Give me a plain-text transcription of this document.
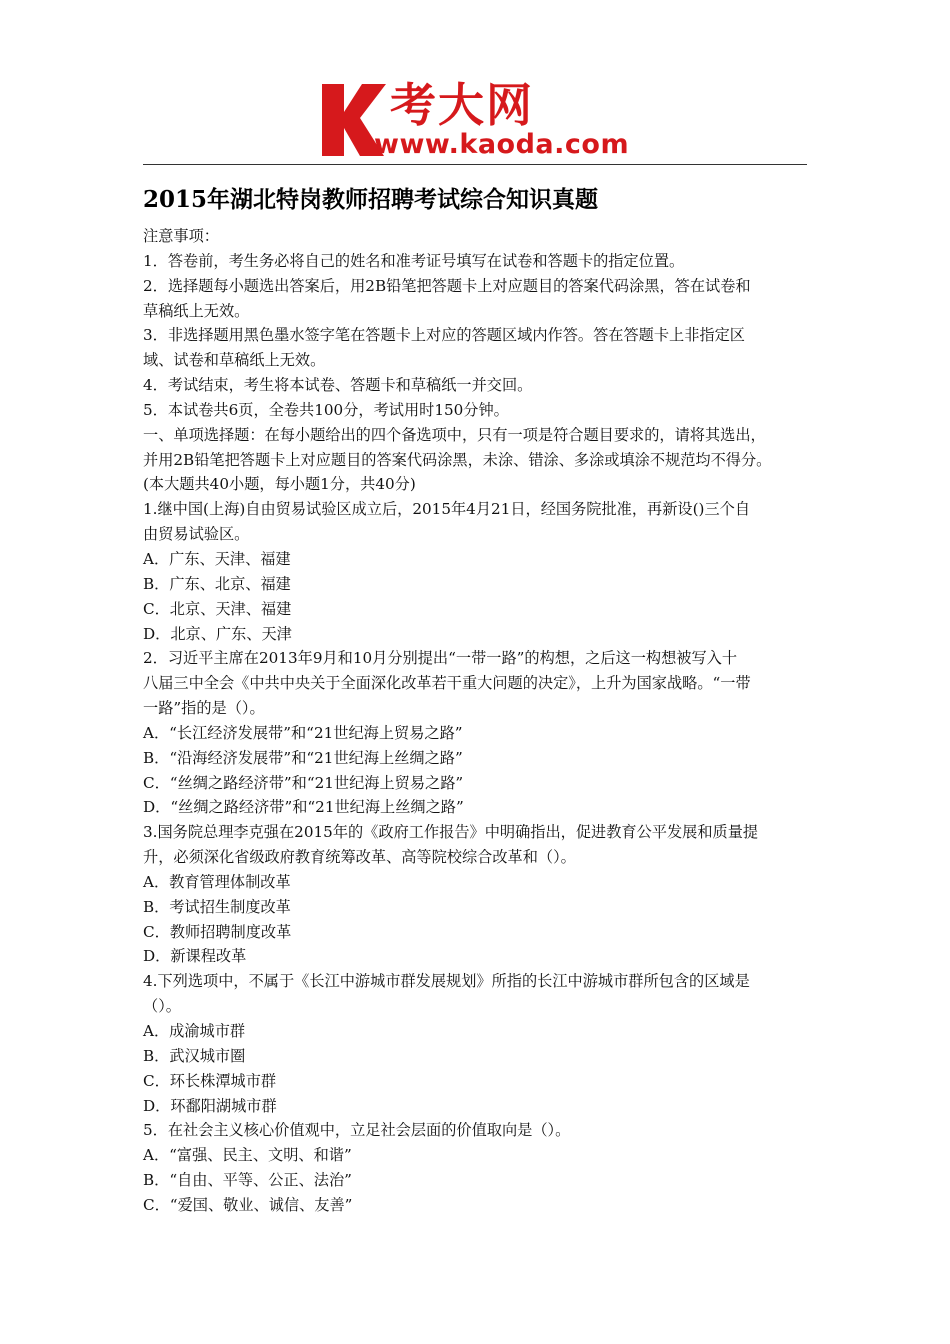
考大网
www.kaoda.com
2015年湖北特岗教师招聘考试综合知识真题
注意事项：
1．答卷前，考生务必将自己的姓名和准考证号填写在试卷和答题卡的指定位置。
2．选择题每小题选出答案后，用2B铅笔把答题卡上对应题目的答案代码涂黑，答在试卷和
草稿纸上无效。
3．非选择题用黑色墨水签字笔在答题卡上对应的答题区域内作答。答在答题卡上非指定区
域、试卷和草稿纸上无效。
4．考试结束，考生将本试卷、答题卡和草稿纸一并交回。
5．本试卷共6页，全卷共100分，考试用时150分钟。
一、单项选择题：在每小题给出的四个备选项中，只有一项是符合题目要求的，请将其选出，
并用2B铅笔把答题卡上对应题目的答案代码涂黑，未涂、错涂、多涂或填涂不规范均不得分。
(本大题共40小题，每小题1分，共40分)
1.继中国(上海)自由贸易试验区成立后，2015年4月21日，经国务院批准，再新设()三个自
由贸易试验区。
A．广东、天津、福建
B．广东、北京、福建
C．北京、天津、福建
D．北京、广东、天津
2．习近平主席在2013年9月和10月分别提出“一带一路”的构想，之后这一构想被写入十
八届三中全会《中共中央关于全面深化改革若干重大问题的决定》，上升为国家战略。“一带
一路”指的是（）。
A．“长江经济发展带”和“21世纪海上贸易之路”
B．“沿海经济发展带”和“21世纪海上丝绸之路”
C．“丝绸之路经济带”和“21世纪海上贸易之路”
D．“丝绸之路经济带”和“21世纪海上丝绸之路”
3.国务院总理李克强在2015年的《政府工作报告》中明确指出，促进教育公平发展和质量提
升，必须深化省级政府教育统筹改革、高等院校综合改革和（）。
A．教育管理体制改革
B．考试招生制度改革
C．教师招聘制度改革
D．新课程改革
4.下列选项中，不属于《长江中游城市群发展规划》所指的长江中游城市群所包含的区域是
（）。
A．成渝城市群
B．武汉城市圈
C．环长株潭城市群
D．环鄱阳湖城市群
5．在社会主义核心价值观中，立足社会层面的价值取向是（）。
A．“富强、民主、文明、和谐”
B．“自由、平等、公正、法治”
C．“爱国、敬业、诚信、友善”
